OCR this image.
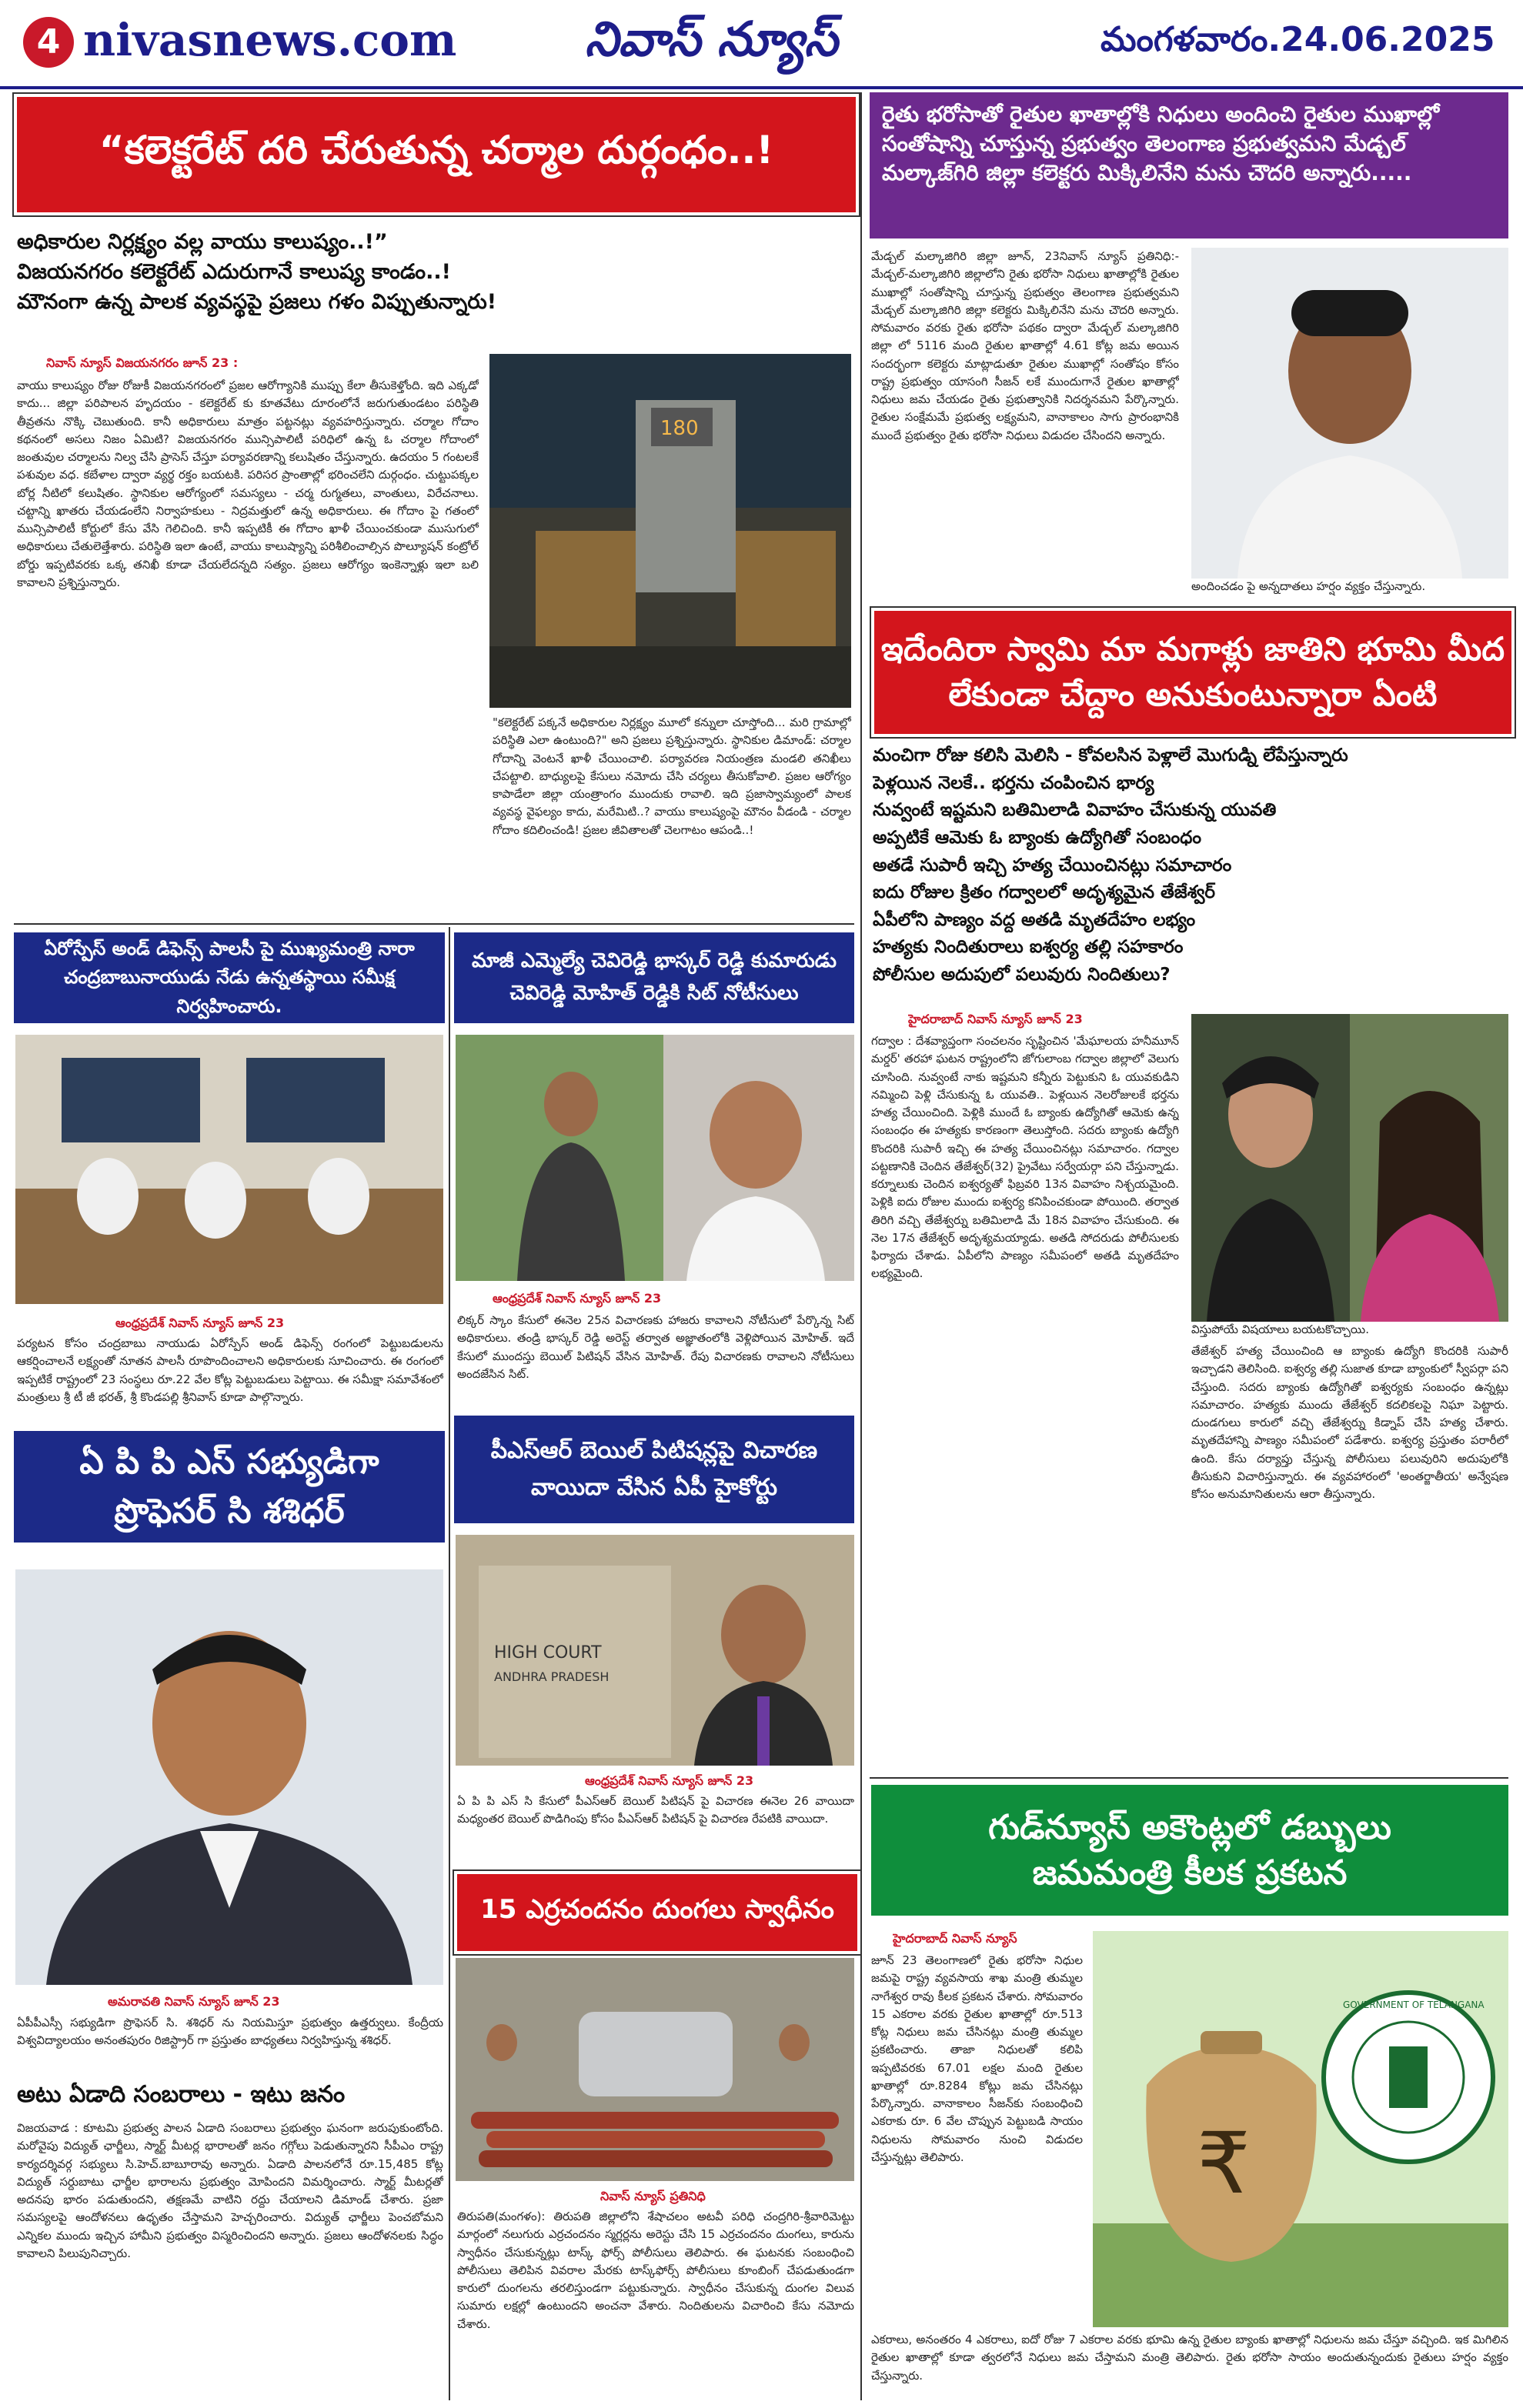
4 nivasnews.com	నివాస్ న్యూస్	మంగళవారం.24.06.2025
“కలెక్టరేట్ దరి చేరుతున్న చర్మాల దుర్గంధం..!
అధికారుల నిర్లక్ష్యం వల్ల వాయు కాలుష్యం..!”
విజయనగరం కలెక్టరేట్ ఎదురుగానే కాలుష్య కాండం..!
మౌనంగా ఉన్న పాలక వ్యవస్థపై ప్రజలు గళం విప్పుతున్నారు!
నివాస్ న్యూస్ విజయనగరం జూన్ 23 :
వాయు కాలుష్యం రోజు రోజుకీ విజయనగరంలో ప్రజల ఆరోగ్యానికి ముప్పు కేలా తీసుకెళ్తోంది. ఇది ఎక్కడో కాదు... జిల్లా పరిపాలన హృదయం - కలెక్టరేట్ కు కూతవేటు దూరంలోనే జరుగుతుండటం పరిస్థితి తీవ్రతను నొక్కి చెబుతుంది. కానీ అధికారులు మాత్రం పట్టనట్లు వ్యవహరిస్తున్నారు. చర్మాల గోదాం కథనంలో అసలు నిజం ఏమిటి? విజయనగరం మున్సిపాలిటీ పరిధిలో ఉన్న ఓ చర్మాల గోదాంలో జంతువుల చర్మాలను నిల్వ చేసి ప్రాసెస్ చేస్తూ పర్యావరణాన్ని కలుషితం చేస్తున్నారు. ఉదయం 5 గంటలకే పశువుల వధ. కబేళాల ద్వారా వ్యర్థ రక్తం బయటకి. పరిసర ప్రాంతాల్లో భరించలేని దుర్గంధం. చుట్టుపక్కల బోర్ల నీటిలో కలుషితం. స్థానికుల ఆరోగ్యంలో సమస్యలు - చర్మ రుగ్మతలు, వాంతులు, విరేచనాలు. చట్టాన్ని ఖాతరు చేయడంలేని నిర్వాహకులు - నిద్రమత్తులో ఉన్న అధికారులు. ఈ గోదాం పై గతంలో మున్సిపాలిటీ కోర్టులో కేసు వేసి గెలిచింది. కానీ ఇప్పటికీ ఈ గోదాం ఖాళీ చేయించకుండా ముసుగులో అధికారులు చేతులెత్తేశారు. పరిస్థితి ఇలా ఉంటే, వాయు కాలుష్యాన్ని పరిశీలించాల్సిన పొల్యూషన్ కంట్రోల్ బోర్డు ఇప్పటివరకు ఒక్క తనిఖీ కూడా చేయలేదన్నది సత్యం. ప్రజలు ఆరోగ్యం ఇంకెన్నాళ్లు ఇలా బలి కావాలని ప్రశ్నిస్తున్నారు.
180
"కలెక్టరేట్ పక్కనే అధికారుల నిర్లక్ష్యం మూలో కన్నులా చూస్తోంది... మరి గ్రామాల్లో పరిస్థితి ఎలా ఉంటుంది?" అని ప్రజలు ప్రశ్నిస్తున్నారు. స్థానికుల డిమాండ్: చర్మాల గోదాన్ని వెంటనే ఖాళీ చేయించాలి. పర్యావరణ నియంత్రణ మండలి తనిఖీలు చేపట్టాలి. బాధ్యులపై కేసులు నమోదు చేసి చర్యలు తీసుకోవాలి. ప్రజల ఆరోగ్యం కాపాడేలా జిల్లా యంత్రాంగం ముందుకు రావాలి. ఇది ప్రజాస్వామ్యంలో పాలక వ్యవస్థ వైఫల్యం కాదు, మరేమిటి..? వాయు కాలుష్యంపై మౌనం వీడండి - చర్మాల గోదాం కదిలించండి! ప్రజల జీవితాలతో చెలగాటం ఆపండి..!
రైతు భరోసాతో రైతుల ఖాతాల్లోకి నిధులు అందించి రైతుల ముఖాల్లో సంతోషాన్ని చూస్తున్న ప్రభుత్వం తెలంగాణ ప్రభుత్వమని మేడ్చల్ మల్కాజ్‌గిరి జిల్లా కలెక్టరు మిక్కిలినేని మను చౌదరి అన్నారు.....
మేడ్చల్ మల్కాజిగిరి జిల్లా జూన్, 23నివాస్ న్యూస్ ప్రతినిధి:- మేడ్చల్-మల్కాజిగిరి జిల్లాలోని రైతు భరోసా నిధులు ఖాతాల్లోకి రైతుల ముఖాల్లో సంతోషాన్ని చూస్తున్న ప్రభుత్వం తెలంగాణ ప్రభుత్వమని మేడ్చల్ మల్కాజిగిరి జిల్లా కలెక్టరు మిక్కిలినేని మను చౌదరి అన్నారు. సోమవారం వరకు రైతు భరోసా పథకం ద్వారా మేడ్చల్ మల్కాజిగిరి జిల్లా లో 5116 మంది రైతుల ఖాతాల్లో 4.61 కోట్ల జమ అయిన సందర్భంగా కలెక్టరు మాట్లాడుతూ రైతుల ముఖాల్లో సంతోషం కోసం రాష్ట్ర ప్రభుత్వం యాసంగి సీజన్ లకే ముందుగానే రైతుల ఖాతాల్లో నిధులు జమ చేయడం రైతు ప్రభుత్వానికి నిదర్శనమని పేర్కొన్నారు. రైతుల సంక్షేమమే ప్రభుత్వ లక్ష్యమని, వానాకాలం సాగు ప్రారంభానికి ముందే ప్రభుత్వం రైతు భరోసా నిధులు విడుదల చేసిందని అన్నారు.
అందించడం పై అన్నదాతలు హర్షం వ్యక్తం చేస్తున్నారు.
ఇదేందిరా స్వామి మా మగాళ్లు జాతిని భూమి మీద లేకుండా చేద్దాం అనుకుంటున్నారా ఏంటి
మంచిగా రోజు కలిసి మెలిసి - కోవలసిన పెళ్లాలే మొగుడ్ని లేపేస్తున్నారు
పెళ్లయిన నెలకే.. భర్తను చంపించిన భార్య
నువ్వంటే ఇష్టమని బతిమిలాడి వివాహం చేసుకున్న యువతి
అప్పటికే ఆమెకు ఓ బ్యాంకు ఉద్యోగితో సంబంధం
అతడే సుపారీ ఇచ్చి హత్య చేయించినట్లు సమాచారం
ఐదు రోజుల క్రితం గద్వాలలో అదృశ్యమైన తేజేశ్వర్
ఏపీలోని పాణ్యం వద్ద అతడి మృతదేహం లభ్యం
హత్యకు నిందితురాలు ఐశ్వర్య తల్లి సహకారం
పోలీసుల అదుపులో పలువురు నిందితులు?
హైదరాబాద్ నివాస్ న్యూస్ జూన్ 23
గద్వాల : దేశవ్యాప్తంగా సంచలనం సృష్టించిన 'మేఘాలయ హనీమూన్ మర్డర్' తరహా ఘటన రాష్ట్రంలోని జోగులాంబ గద్వాల జిల్లాలో వెలుగు చూసింది. నువ్వంటే నాకు ఇష్టమని కన్నీరు పెట్టుకుని ఓ యువకుడిని నమ్మించి పెళ్లి చేసుకున్న ఓ యువతి.. పెళ్లయిన నెలరోజులకే భర్తను హత్య చేయించింది. పెళ్లికి ముందే ఓ బ్యాంకు ఉద్యోగితో ఆమెకు ఉన్న సంబంధం ఈ హత్యకు కారణంగా తెలుస్తోంది. సదరు బ్యాంకు ఉద్యోగి కొందరికి సుపారీ ఇచ్చి ఈ హత్య చేయించినట్లు సమాచారం. గద్వాల పట్టణానికి చెందిన తేజేశ్వర్(32) ప్రైవేటు సర్వేయర్గా పని చేస్తున్నాడు. కర్నూలుకు చెందిన ఐశ్వర్యతో ఫిబ్రవరి 13న వివాహం నిశ్చయమైంది. పెళ్లికి ఐదు రోజుల ముందు ఐశ్వర్య కనిపించకుండా పోయింది. తర్వాత తిరిగి వచ్చి తేజేశ్వర్ను బతిమిలాడి మే 18న వివాహం చేసుకుంది. ఈ నెల 17న తేజేశ్వర్ అదృశ్యమయ్యాడు. అతడి సోదరుడు పోలీసులకు ఫిర్యాదు చేశాడు. ఏపీలోని పాణ్యం సమీపంలో అతడి మృతదేహం లభ్యమైంది.
విస్తుపోయే విషయాలు బయటకొచ్చాయి.
తేజేశ్వర్ హత్య చేయించింది ఆ బ్యాంకు ఉద్యోగి కొందరికి సుపారీ ఇచ్చాడని తెలిసింది. ఐశ్వర్య తల్లి సుజాత కూడా బ్యాంకులో స్వీపర్గా పని చేస్తుంది. సదరు బ్యాంకు ఉద్యోగితో ఐశ్వర్యకు సంబంధం ఉన్నట్లు సమాచారం. హత్యకు ముందు తేజేశ్వర్ కదలికలపై నిఘా పెట్టారు. దుండగులు కారులో వచ్చి తేజేశ్వర్ను కిడ్నాప్ చేసి హత్య చేశారు. మృతదేహాన్ని పాణ్యం సమీపంలో పడేశారు. ఐశ్వర్య ప్రస్తుతం పరారీలో ఉంది. కేసు దర్యాప్తు చేస్తున్న పోలీసులు పలువురిని అదుపులోకి తీసుకుని విచారిస్తున్నారు. ఈ వ్యవహారంలో 'అంతర్జాతీయ' అన్వేషణ కోసం అనుమానితులను ఆరా తీస్తున్నారు.
ఏరోస్పేస్ అండ్ డిఫెన్స్ పాలసీ పై ముఖ్యమంత్రి నారా చంద్రబాబునాయుడు నేడు ఉన్నతస్థాయి సమీక్ష నిర్వహించారు.
ఆంధ్రప్రదేశ్ నివాస్ న్యూస్ జూన్ 23
పర్యటన కోసం చంద్రబాబు నాయుడు ఏరోస్పేస్ అండ్ డిఫెన్స్ రంగంలో పెట్టుబడులను ఆకర్షించాలనే లక్ష్యంతో నూతన పాలసీ రూపొందించాలని అధికారులకు సూచించారు. ఈ రంగంలో ఇప్పటికే రాష్ట్రంలో 23 సంస్థలు రూ.22 వేల కోట్ల పెట్టుబడులు పెట్టాయి. ఈ సమీక్షా సమావేశంలో మంత్రులు శ్రీ టీ జీ భరత్, శ్రీ కొండపల్లి శ్రీనివాస్ కూడా పాల్గొన్నారు.
మాజీ ఎమ్మెల్యే చెవిరెడ్డి భాస్కర్ రెడ్డి కుమారుడు చెవిరెడ్డి మోహిత్ రెడ్డికి సిట్ నోటీసులు
ఆంధ్రప్రదేశ్ నివాస్ న్యూస్ జూన్ 23
లిక్కర్ స్కాం కేసులో ఈనెల 25న విచారణకు హాజరు కావాలని నోటీసులో పేర్కొన్న సిట్ అధికారులు. తండ్రి భాస్కర్ రెడ్డి అరెస్ట్ తర్వాత అజ్ఞాతంలోకి వెళ్లిపోయిన మోహిత్. ఇదే కేసులో ముందస్తు బెయిల్ పిటిషన్ వేసిన మోహిత్. రేపు విచారణకు రావాలని నోటీసులు అందజేసిన సిట్.
ఏ పి పి ఎస్ సభ్యుడిగా ప్రొఫెసర్ సి శశిధర్
అమరావతి నివాస్ న్యూస్ జూన్ 23
ఏపీపీఎస్సీ సభ్యుడిగా ప్రొఫెసర్ సి. శశిధర్ ను నియమిస్తూ ప్రభుత్వం ఉత్తర్వులు. కేంద్రీయ విశ్వవిద్యాలయం అనంతపురం రిజిస్ట్రార్ గా ప్రస్తుతం బాధ్యతలు నిర్వహిస్తున్న శశిధర్.
అటు ఏడాది సంబరాలు - ఇటు జనం
విజయవాడ : కూటమి ప్రభుత్వ పాలన ఏడాది సంబరాలు ప్రభుత్వం ఘనంగా జరుపుకుంటోంది. మరోవైపు విద్యుత్ ఛార్జీలు, స్మార్ట్ మీటర్ల భారాలతో జనం గగ్గోలు పెడుతున్నారని సీపీఎం రాష్ట్ర కార్యదర్శివర్గ సభ్యులు సి.హెచ్.బాబూరావు అన్నారు. ఏడాది పాలనలోనే రూ.15,485 కోట్ల విద్యుత్ సర్దుబాటు ఛార్జీల భారాలను ప్రభుత్వం మోపిందని విమర్శించారు. స్మార్ట్ మీటర్లతో అదనపు భారం పడుతుందని, తక్షణమే వాటిని రద్దు చేయాలని డిమాండ్ చేశారు. ప్రజా సమస్యలపై ఆందోళనలు ఉధృతం చేస్తామని హెచ్చరించారు. విద్యుత్ ఛార్జీలు పెంచబోమని ఎన్నికల ముందు ఇచ్చిన హామీని ప్రభుత్వం విస్మరించిందని అన్నారు. ప్రజలు ఆందోళనలకు సిద్ధం కావాలని పిలుపునిచ్చారు.
పీఎస్ఆర్ బెయిల్ పిటిషన్లపై విచారణ వాయిదా వేసిన ఏపీ హైకోర్టు
HIGH COURT
ANDHRA PRADESH
ఆంధ్రప్రదేశ్ నివాస్ న్యూస్ జూన్ 23
ఏ పి పి ఎస్ సి కేసులో పీఎస్ఆర్ బెయిల్ పిటిషన్ పై విచారణ ఈనెల 26 వాయిదా మధ్యంతర బెయిల్ పొడిగింపు కోసం పీఎస్ఆర్ పిటిషన్ పై విచారణ రేపటికి వాయిదా.
15 ఎర్రచందనం దుంగలు స్వాధీనం
నివాస్ న్యూస్ ప్రతినిధి
తిరుపతి(మంగళం): తిరుపతి జిల్లాలోని శేషాచలం అటవీ పరిధి చంద్రగిరి-శ్రీవారిమెట్టు మార్గంలో నలుగురు ఎర్రచందనం స్మగ్లర్లను అరెస్టు చేసి 15 ఎర్రచందనం దుంగలు, కారును స్వాధీనం చేసుకున్నట్లు టాస్క్ ఫోర్స్ పోలీసులు తెలిపారు. ఈ ఘటనకు సంబంధించి పోలీసులు తెలిపిన వివరాల మేరకు టాస్క్‌ఫోర్స్ పోలీసులు కూంబింగ్ చేపడుతుండగా కారులో దుంగలను తరలిస్తుండగా పట్టుకున్నారు. స్వాధీనం చేసుకున్న దుంగల విలువ సుమారు లక్షల్లో ఉంటుందని అంచనా వేశారు. నిందితులను విచారించి కేసు నమోదు చేశారు.
గుడ్‌న్యూస్‌ అకౌంట్లలో డబ్బులు
జమమంత్రి కీలక ప్రకటన
హైదరాబాద్ నివాస్ న్యూస్
జూన్ 23 తెలంగాణలో రైతు భరోసా నిధుల జమపై రాష్ట్ర వ్యవసాయ శాఖ మంత్రి తుమ్మల నాగేశ్వర రావు కీలక ప్రకటన చేశారు. సోమవారం 15 ఎకరాల వరకు రైతుల ఖాతాల్లో రూ.513 కోట్ల నిధులు జమ చేసినట్లు మంత్రి తుమ్మల ప్రకటించారు. తాజా నిధులతో కలిపి ఇప్పటివరకు 67.01 లక్షల మంది రైతుల ఖాతాల్లో రూ.8284 కోట్లు జమ చేసినట్లు పేర్కొన్నారు. వానాకాలం సీజన్‌కు సంబంధించి ఎకరాకు రూ. 6 వేల చొప్పున పెట్టుబడి సాయం నిధులను సోమవారం నుంచి విడుదల చేస్తున్నట్లు తెలిపారు.	₹
GOVERNMENT OF TELANGANA
ఎకరాలు, అనంతరం 4 ఎకరాలు, ఐదో రోజు 7 ఎకరాల వరకు భూమి ఉన్న రైతుల బ్యాంకు ఖాతాల్లో నిధులను జమ చేస్తూ వచ్చింది. ఇక మిగిలిన రైతుల ఖాతాల్లో కూడా త్వరలోనే నిధులు జమ చేస్తామని మంత్రి తెలిపారు. రైతు భరోసా సాయం అందుతున్నందుకు రైతులు హర్షం వ్యక్తం చేస్తున్నారు.
